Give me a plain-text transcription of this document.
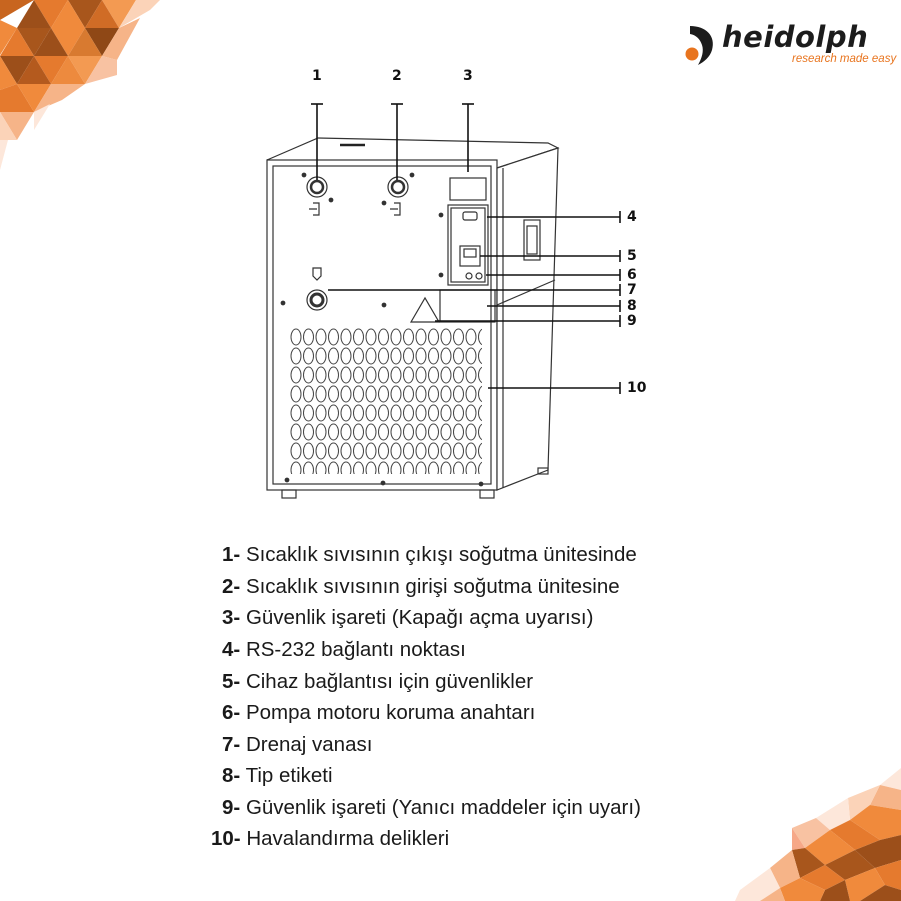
heidolph
research made easy
1	2	3
4
5
6
7
8
9
10
1- Sıcaklık sıvısının çıkışı soğutma ünitesinde
2- Sıcaklık sıvısının girişi soğutma ünitesine
3- Güvenlik işareti (Kapağı açma uyarısı)
4- RS-232 bağlantı noktası
5- Cihaz bağlantısı için güvenlikler
6- Pompa motoru koruma anahtarı
7- Drenaj vanası
8- Tip etiketi
9- Güvenlik işareti (Yanıcı maddeler için uyarı)
10- Havalandırma delikleri
